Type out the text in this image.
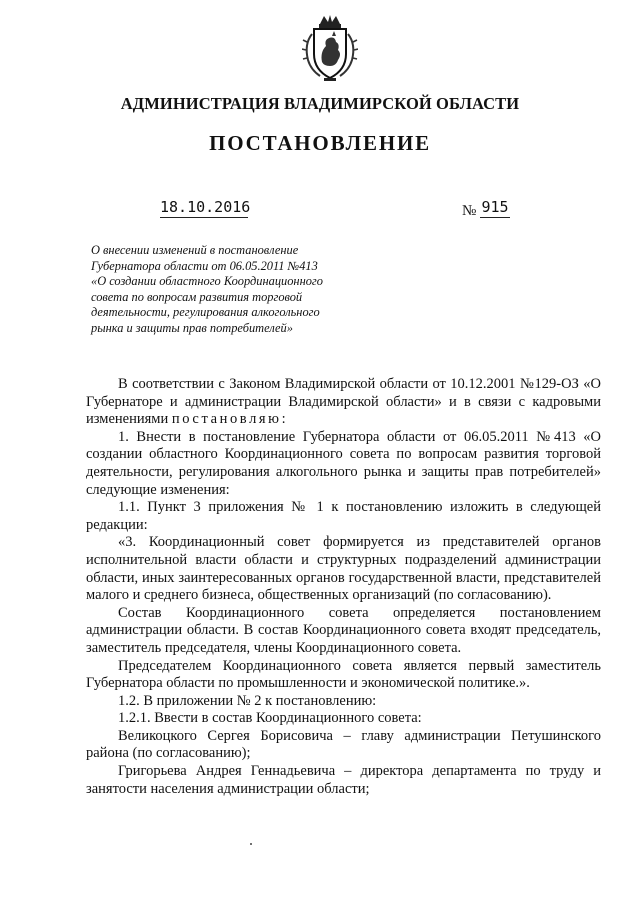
АДМИНИСТРАЦИЯ ВЛАДИМИРСКОЙ ОБЛАСТИ
ПОСТАНОВЛЕНИЕ
18.10.2016	№ 915
О внесении изменений в постановление
Губернатора области от 06.05.2011 №413
«О создании областного Координационного
совета по вопросам развития торговой
деятельности, регулирования алкогольного
рынка и защиты прав потребителей»

В соответствии с Законом Владимирской области от 10.12.2001 №129-ОЗ «О Губернаторе и администрации Владимирской области» и в связи с кадровыми изменениями постановляю:

1. Внести в постановление Губернатора области от 06.05.2011 №413 «О создании областного Координационного совета по вопросам развития торговой деятельности, регулирования алкогольного рынка и защиты прав потребителей» следующие изменения:

1.1. Пункт 3 приложения № 1 к постановлению изложить в следующей редакции:

«3. Координационный совет формируется из представителей органов исполнительной власти области и структурных подразделений администрации области, иных заинтересованных органов государственной власти, представителей малого и среднего бизнеса, общественных организаций (по согласованию).

Состав Координационного совета определяется постановлением администрации области. В состав Координационного совета входят председатель, заместитель председателя, члены Координационного совета.

Председателем Координационного совета является первый заместитель Губернатора области по промышленности и экономической политике.».

1.2. В приложении № 2 к постановлению:

1.2.1. Ввести в состав Координационного совета:

Великоцкого Сергея Борисовича – главу администрации Петушинского района (по согласованию);

Григорьева Андрея Геннадьевича – директора департамента по труду и занятости населения администрации области;
